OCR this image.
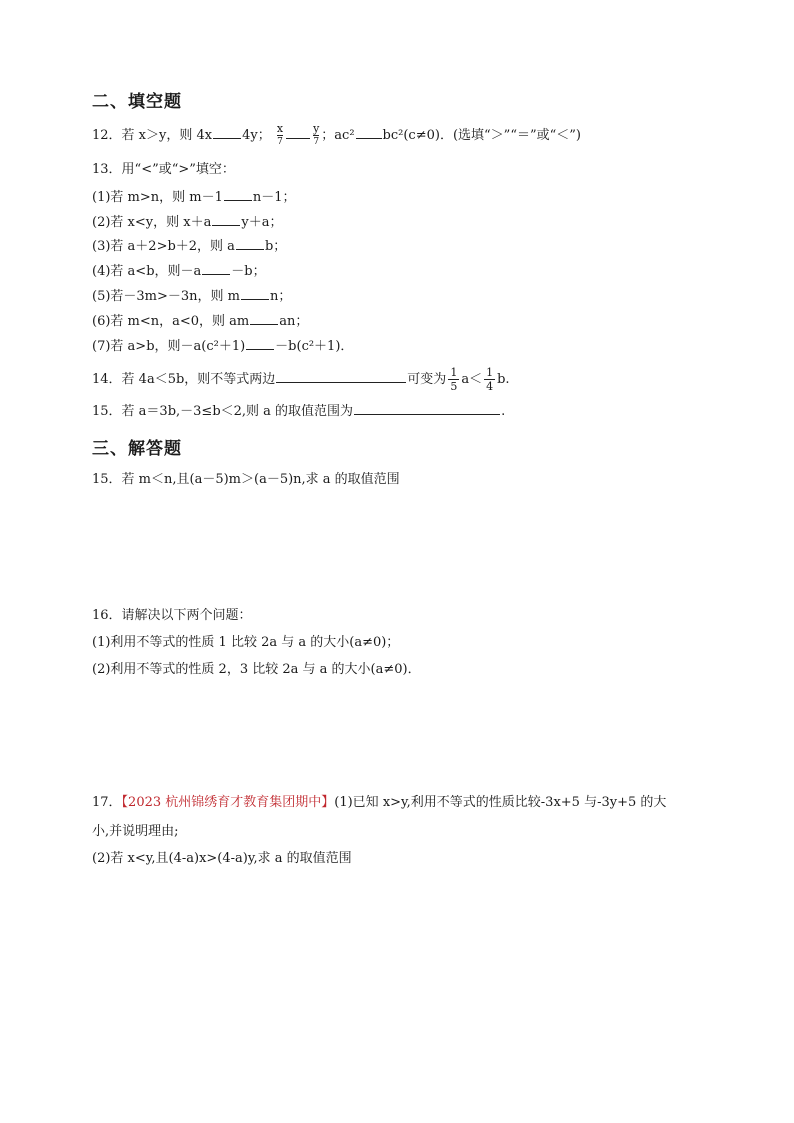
二、填空题
12．若 x＞y，则 4x 4y； $\frac{x}{7}$	$\frac{y}{7}$ ；ac² bc²(c≠0)．(选填“＞”“＝”或“＜”)
13．用“<”或“>”填空：
(1)若 m>n，则 m－1 n－1；
(2)若 x<y，则 x＋a y＋a；
(3)若 a＋2>b＋2，则 a b；
(4)若 a<b，则－a －b；
(5)若－3m>－3n，则 m n；
(6)若 m<n，a<0，则 am an；
(7)若 a>b，则－a(c²＋1) －b(c²＋1)．
14．若 4a＜5b，则不等式两边	可变为 $\frac{1}{5} a< \frac{1}{4} b$.
15．若 a＝3b,－3≤b＜2,则 a 的取值范围为	.
三、解答题
15．若 m＜n,且(a－5)m＞(a－5)n,求 a 的取值范围
16．请解决以下两个问题：
(1)利用不等式的性质 1 比较 2a 与 a 的大小(a≠0)；
(2)利用不等式的性质 2，3 比较 2a 与 a 的大小(a≠0)．
17．【2023 杭州锦绣育才教育集团期中】(1)已知 x>y,利用不等式的性质比较-3x+5 与-3y+5 的大
小,并说明理由;
(2)若 x<y,且(4-a)x>(4-a)y,求 a 的取值范围
